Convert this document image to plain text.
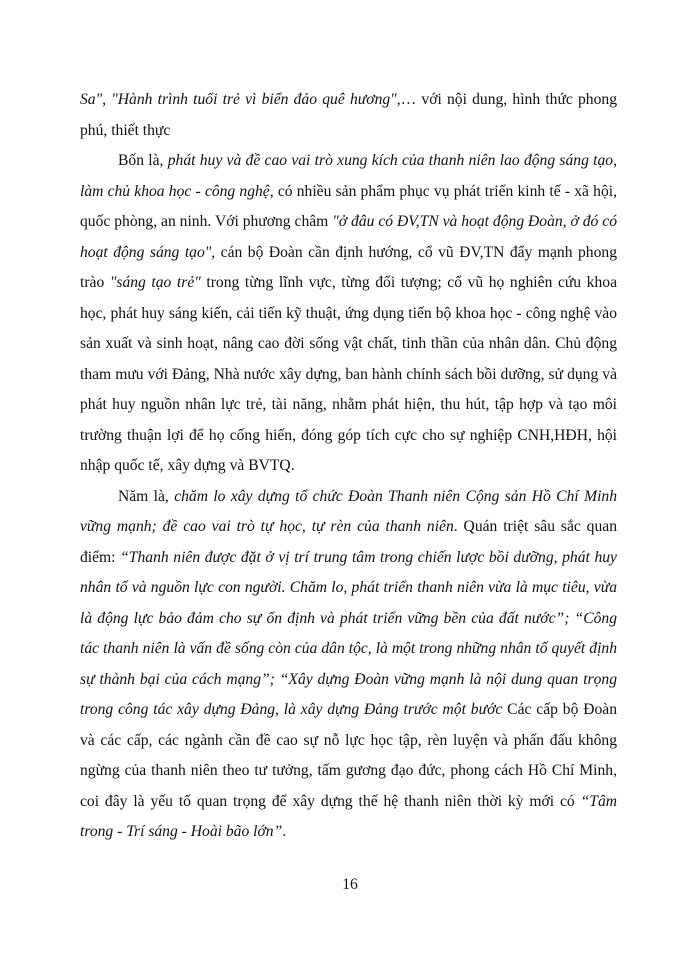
Sa", "Hành trình tuổi trẻ vì biển đảo quê hương",… với nội dung, hình thức phong phú, thiết thực

Bốn là, phát huy và đề cao vai trò xung kích của thanh niên lao động sáng tạo, làm chủ khoa học - công nghệ, có nhiều sản phẩm phục vụ phát triển kinh tế - xã hội, quốc phòng, an ninh. Với phương châm "ở đâu có ĐV,TN và hoạt động Đoàn, ở đó có hoạt động sáng tạo", cán bộ Đoàn cần định hướng, cổ vũ ĐV,TN đẩy mạnh phong trào "sáng tạo trẻ" trong từng lĩnh vực, từng đối tượng; cổ vũ họ nghiên cứu khoa học, phát huy sáng kiến, cải tiến kỹ thuật, ứng dụng tiến bộ khoa học - công nghệ vào sản xuất và sinh hoạt, nâng cao đời sống vật chất, tinh thần của nhân dân. Chủ động tham mưu với Đảng, Nhà nước xây dựng, ban hành chính sách bồi dưỡng, sử dụng và phát huy nguồn nhân lực trẻ, tài năng, nhằm phát hiện, thu hút, tập hợp và tạo môi trường thuận lợi để họ cống hiến, đóng góp tích cực cho sự nghiệp CNH,HĐH, hội nhập quốc tế, xây dựng và BVTQ.

Năm là, chăm lo xây dựng tổ chức Đoàn Thanh niên Cộng sản Hồ Chí Minh vững mạnh; đề cao vai trò tự học, tự rèn của thanh niên. Quán triệt sâu sắc quan điểm: “Thanh niên được đặt ở vị trí trung tâm trong chiến lược bồi dưỡng, phát huy nhân tố và nguồn lực con người. Chăm lo, phát triển thanh niên vừa là mục tiêu, vừa là động lực bảo đảm cho sự ổn định và phát triển vững bền của đất nước”; “Công tác thanh niên là vấn đề sống còn của dân tộc, là một trong những nhân tố quyết định sự thành bại của cách mạng”; “Xây dựng Đoàn vững mạnh là nội dung quan trọng trong công tác xây dựng Đảng, là xây dựng Đảng trước một bước Các cấp bộ Đoàn và các cấp, các ngành cần đề cao sự nỗ lực học tập, rèn luyện và phấn đấu không ngừng của thanh niên theo tư tưởng, tấm gương đạo đức, phong cách Hồ Chí Minh, coi đây là yếu tố quan trọng để xây dựng thế hệ thanh niên thời kỳ mới có “Tâm trong - Trí sáng - Hoài bão lớn”.

16
